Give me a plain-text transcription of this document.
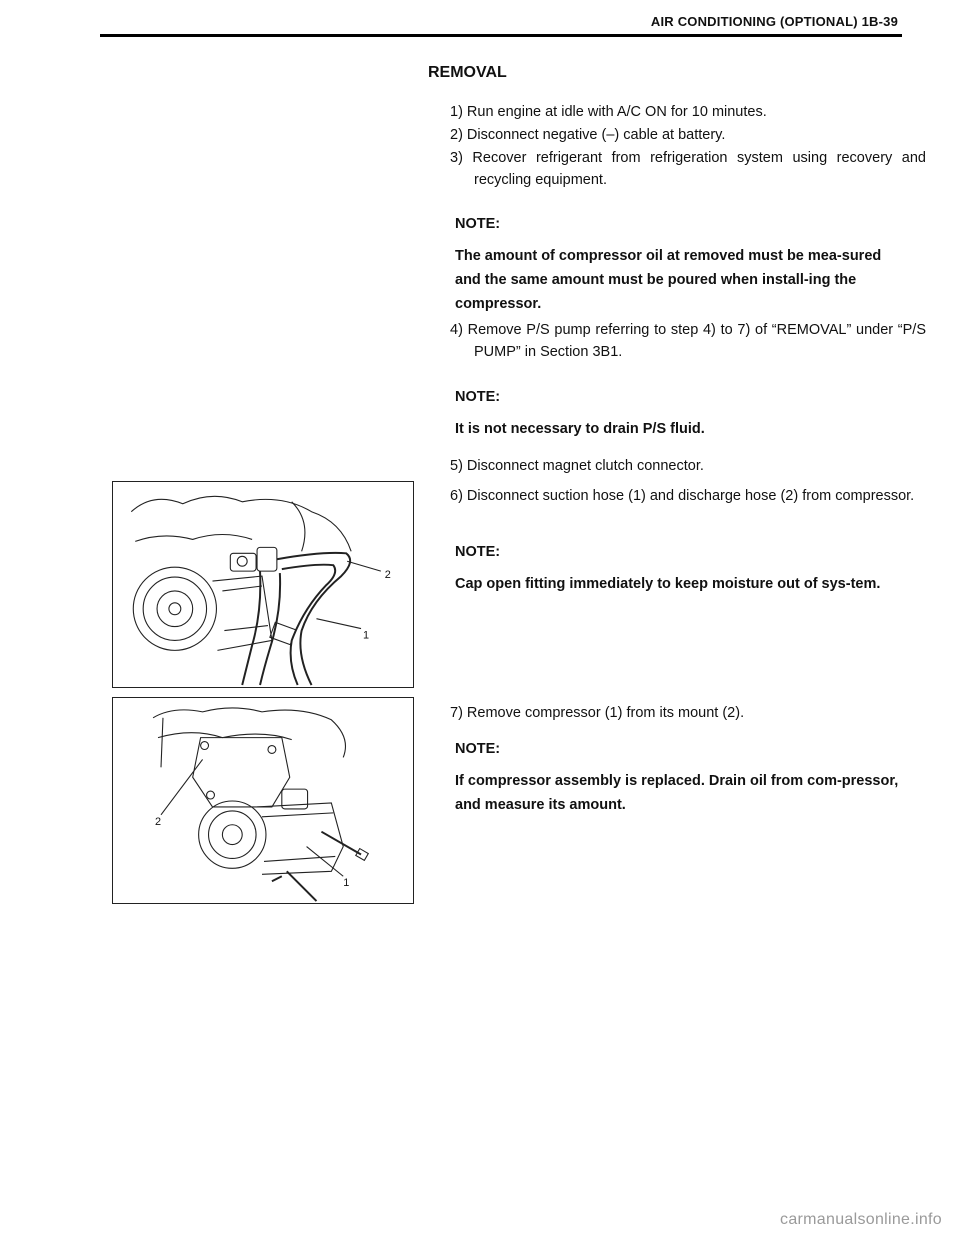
AIR CONDITIONING (OPTIONAL) 1B-39
REMOVAL
1) Run engine at idle with A/C ON for 10 minutes.
2) Disconnect negative (–) cable at battery.
3) Recover refrigerant from refrigeration system using recovery and recycling equipment.
NOTE:
The amount of compressor oil at removed must be mea-sured and the same amount must be poured when install-ing the compressor.
4) Remove P/S pump referring to step 4) to 7) of “REMOVAL” under “P/S PUMP” in Section 3B1.
NOTE:
It is not necessary to drain P/S fluid.
5) Disconnect magnet clutch connector.
6) Disconnect suction hose (1) and discharge hose (2) from compressor.
NOTE:
Cap open fitting immediately to keep moisture out of sys-tem.
7) Remove compressor (1) from its mount (2).
NOTE:
If compressor assembly is replaced. Drain oil from com-pressor, and measure its amount.
2
1
2
1
carmanualsonline.info
